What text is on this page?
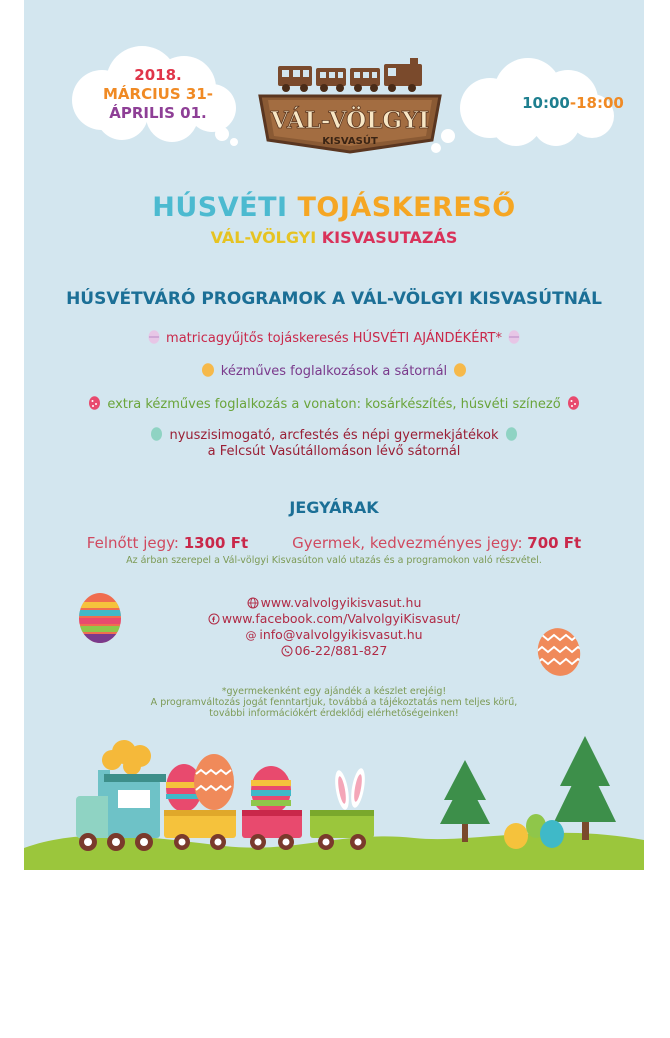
VÁL-VÖLGYI
KISVASÚT
2018.
MÁRCIUS 31-
ÁPRILIS 01.
10:00-18:00
HÚSVÉTI TOJÁSKERESŐ
VÁL-VÖLGYI KISVASUTAZÁS
HÚSVÉTVÁRÓ PROGRAMOK A VÁL-VÖLGYI KISVASÚTNÁL
matricagyűjtős tojáskeresés HÚSVÉTI AJÁNDÉKÉRT*
kézműves foglalkozások a sátornál
extra kézműves foglalkozás a vonaton: kosárkészítés, húsvéti színező
nyuszisimogató, arcfestés és népi gyermekjátékok
a Felcsút Vasútállomáson lévő sátornál
JEGYÁRAK
Felnőtt jegy: 1300 Ft	Gyermek, kedvezményes jegy: 700 Ft
Az árban szerepel a Vál-völgyi Kisvasúton való utazás és a programokon való részvétel.
www.valvolgyikisvasut.hu
www.facebook.com/ValvolgyiKisvasut/
@ info@valvolgyikisvasut.hu
06-22/881-827
*gyermekenként egy ajándék a készlet erejéig!
A programváltozás jogát fenntartjuk, továbbá a tájékoztatás nem teljes körű,
további információkért érdeklődj elérhetőségeinken!
